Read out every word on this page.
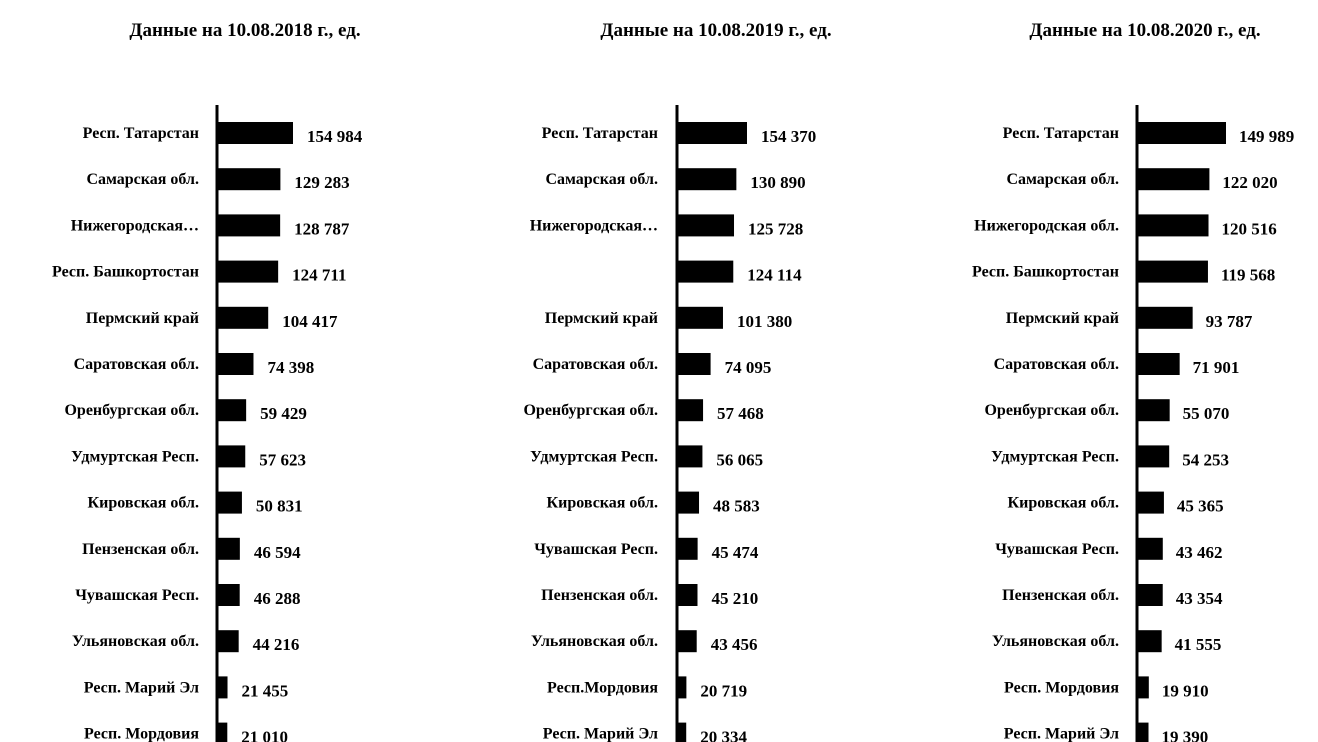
Данные на 10.08.2018 г., ед.
Респ. Татарстан	154 984
Самарская обл.	129 283
Нижегородская…	128 787
Респ. Башкортостан	124 711
Пермский край	104 417
Саратовская обл.	74 398
Оренбургская обл.	59 429
Удмуртская Респ.	57 623
Кировская обл.	50 831
Пензенская обл.	46 594
Чувашская Респ.	46 288
Ульяновская обл.	44 216
Респ. Марий Эл	21 455
Респ. Мордовия 21 010
Данные на 10.08.2019 г., ед.
Респ. Татарстан	154 370
Самарская обл.	130 890
Нижегородская…	125 728
124 114
Пермский край	101 380
Саратовская обл.	74 095
Оренбургская обл.	57 468
Удмуртская Респ.	56 065
Кировская обл.	48 583
Чувашская Респ.	45 474
Пензенская обл.	45 210
Ульяновская обл.	43 456
Респ.Мордовия 20 719
Респ. Марий Эл 20 334
Данные на 10.08.2020 г., ед.
Респ. Татарстан	149 989
Самарская обл.	122 020
Нижегородская обл.	120 516
Респ. Башкортостан	119 568
Пермский край	93 787
Саратовская обл.	71 901
Оренбургская обл.	55 070
Удмуртская Респ.	54 253
Кировская обл.	45 365
Чувашская Респ.	43 462
Пензенская обл.	43 354
Ульяновская обл.	41 555
Респ. Мордовия	19 910
Респ. Марий Эл	19 390
